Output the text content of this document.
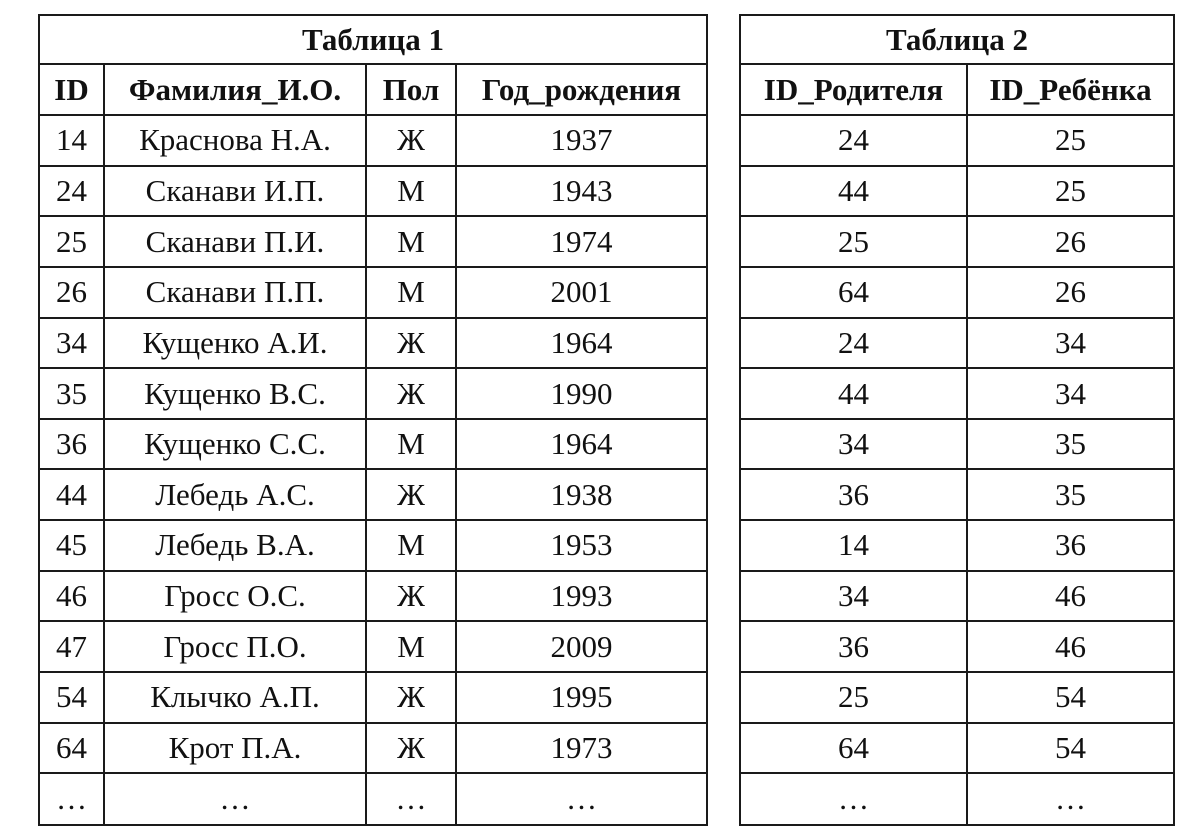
Таблица 1			
ID	Фамилия_И.О.	Пол	Год_рождения
14	Краснова Н.А.	Ж	1937
24	Сканави И.П.	М	1943
25	Сканави П.И.	М	1974
26	Сканави П.П.	М	2001
34	Кущенко А.И.	Ж	1964
35	Кущенко В.С.	Ж	1990
36	Кущенко С.С.	М	1964
44	Лебедь А.С.	Ж	1938
45	Лебедь В.А.	М	1953
46	Гросс О.С.	Ж	1993
47	Гросс П.О.	М	2009
54	Клычко А.П.	Ж	1995
64	Крот П.А.	Ж	1973
…	…	…	…
Таблица 2	
ID_Родителя	ID_Ребёнка
24	25
44	25
25	26
64	26
24	34
44	34
34	35
36	35
14	36
34	46
36	46
25	54
64	54
…	…
